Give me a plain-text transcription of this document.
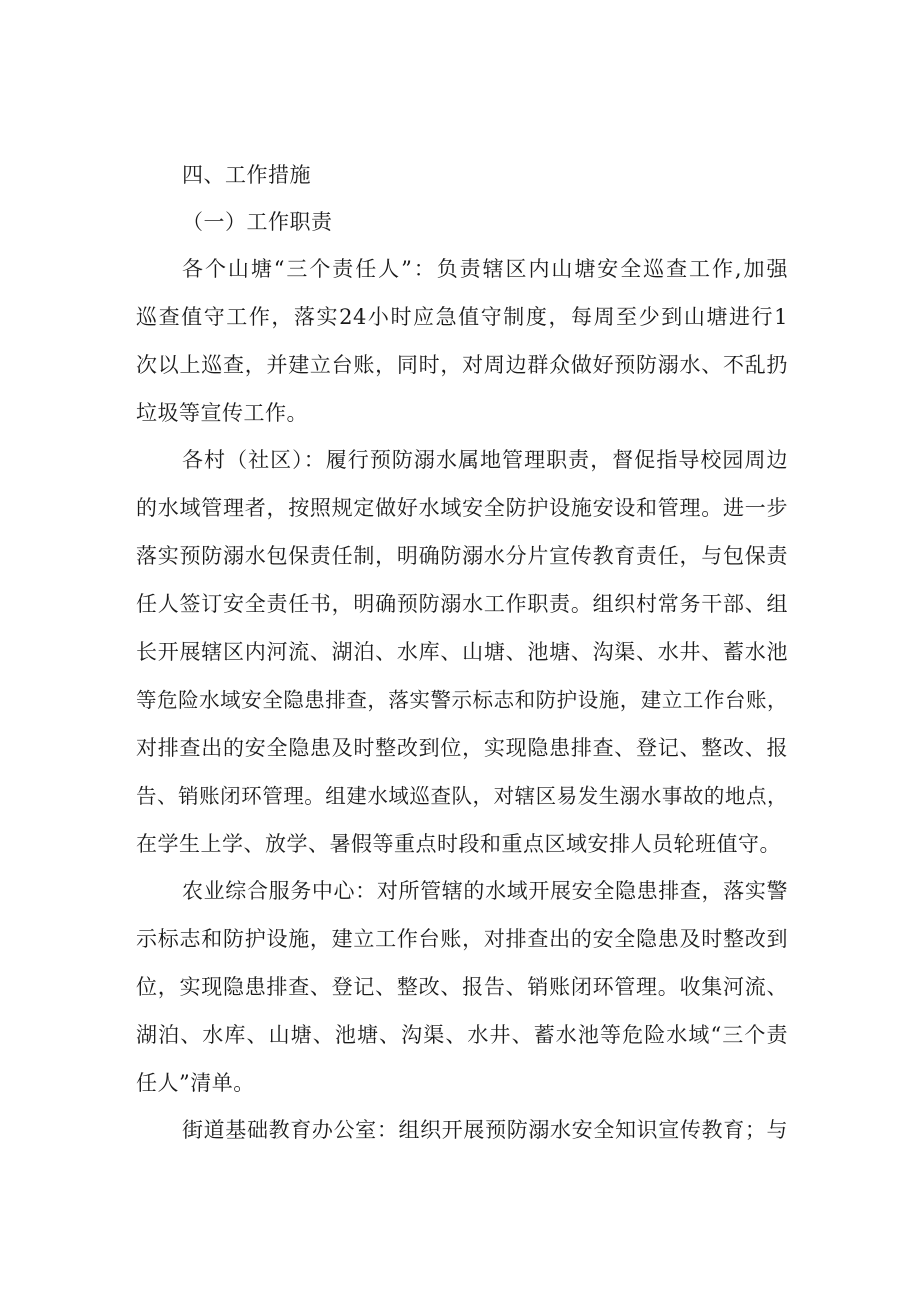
四、工作措施
（一）工作职责
各个山塘“三个责任人”：负责辖区内山塘安全巡查工作,加强
巡查值守工作，落实24小时应急值守制度，每周至少到山塘进行1
次以上巡查，并建立台账，同时，对周边群众做好预防溺水、不乱扔
垃圾等宣传工作。
各村（社区）：履行预防溺水属地管理职责，督促指导校园周边
的水域管理者，按照规定做好水域安全防护设施安设和管理。进一步
落实预防溺水包保责任制，明确防溺水分片宣传教育责任，与包保责
任人签订安全责任书，明确预防溺水工作职责。组织村常务干部、组
长开展辖区内河流、湖泊、水库、山塘、池塘、沟渠、水井、蓄水池
等危险水域安全隐患排查，落实警示标志和防护设施，建立工作台账，
对排查出的安全隐患及时整改到位，实现隐患排查、登记、整改、报
告、销账闭环管理。组建水域巡查队，对辖区易发生溺水事故的地点，
在学生上学、放学、暑假等重点时段和重点区域安排人员轮班值守。
农业综合服务中心：对所管辖的水域开展安全隐患排查，落实警
示标志和防护设施，建立工作台账，对排查出的安全隐患及时整改到
位，实现隐患排查、登记、整改、报告、销账闭环管理。收集河流、
湖泊、水库、山塘、池塘、沟渠、水井、蓄水池等危险水域“三个责
任人”清单。
街道基础教育办公室：组织开展预防溺水安全知识宣传教育；与
